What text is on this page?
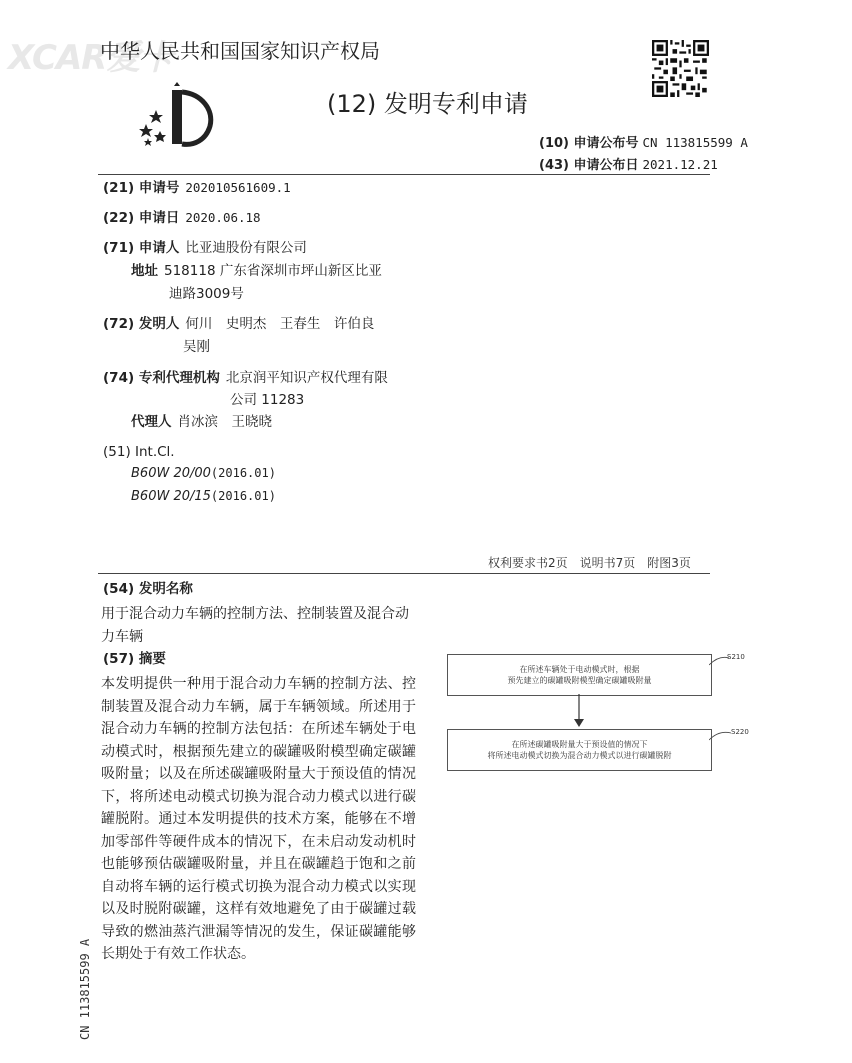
XCAR爱卡
中华人民共和国国家知识产权局
(12) 发明专利申请
(10) 申请公布号 CN 113815599 A
(43) 申请公布日 2021.12.21
(21) 申请号 202010561609.1
(22) 申请日 2020.06.18
(71) 申请人 比亚迪股份有限公司
地址 518118 广东省深圳市坪山新区比亚
迪路3009号
(72) 发明人 何川　史明杰　王春生　许伯良
吴刚
(74) 专利代理机构 北京润平知识产权代理有限
公司 11283
代理人 肖冰滨　王晓晓
(51) Int.Cl.
B60W 20/00(2016.01)
B60W 20/15(2016.01)
权利要求书2页　说明书7页　附图3页
(54) 发明名称
用于混合动力车辆的控制方法、控制装置及混合动力车辆
(57) 摘要
本发明提供一种用于混合动力车辆的控制方法、控制装置及混合动力车辆，属于车辆领域。所述用于混合动力车辆的控制方法包括：在所述车辆处于电动模式时，根据预先建立的碳罐吸附模型确定碳罐吸附量；以及在所述碳罐吸附量大于预设值的情况下，将所述电动模式切换为混合动力模式以进行碳罐脱附。通过本发明提供的技术方案，能够在不增加零部件等硬件成本的情况下，在未启动发动机时也能够预估碳罐吸附量，并且在碳罐趋于饱和之前自动将车辆的运行模式切换为混合动力模式以实现以及时脱附碳罐，这样有效地避免了由于碳罐过载导致的燃油蒸汽泄漏等情况的发生，保证碳罐能够长期处于有效工作状态。
在所述车辆处于电动模式时，根据
预先建立的碳罐吸附模型确定碳罐吸附量
S210
在所述碳罐吸附量大于预设值的情况下
将所述电动模式切换为混合动力模式以进行碳罐脱附
S220
CN 113815599 A
